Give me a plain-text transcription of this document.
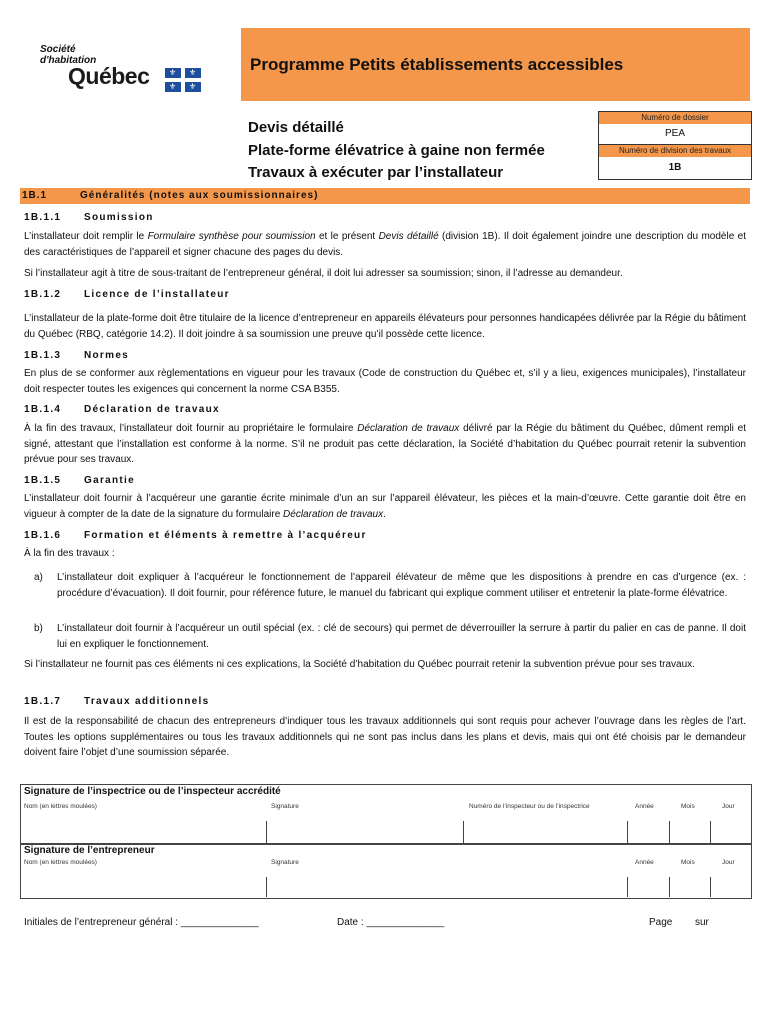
Société
d'habitation
Québec ⚜ ⚜
⚜ ⚜
Programme Petits établissements accessibles
Devis détaillé
Plate-forme élévatrice à gaine non fermée
Travaux à exécuter par l’installateur
Numéro de dossier
PEA
Numéro de division des travaux
1B
1B.1	Généralités (notes aux soumissionnaires)
1B.1.1 Soumission
L’installateur doit remplir le Formulaire synthèse pour soumission et le présent Devis détaillé (division 1B). Il doit également joindre une description du modèle et des caractéristiques de l’appareil et signer chacune des pages du devis.
Si l’installateur agit à titre de sous-traitant de l’entrepreneur général, il doit lui adresser sa soumission; sinon, il l’adresse au demandeur.
1B.1.2 Licence de l’installateur
L’installateur de la plate-forme doit être titulaire de la licence d’entrepreneur en appareils élévateurs pour personnes handicapées délivrée par la Régie du bâtiment du Québec (RBQ, catégorie 14.2). Il doit joindre à sa soumission une preuve qu’il possède cette licence.
1B.1.3 Normes
En plus de se conformer aux règlementations en vigueur pour les travaux (Code de construction du Québec et, s’il y a lieu, exigences municipales), l’installateur doit respecter toutes les exigences qui concernent la norme CSA B355.
1B.1.4 Déclaration de travaux
À la fin des travaux, l’installateur doit fournir au propriétaire le formulaire Déclaration de travaux délivré par la Régie du bâtiment du Québec, dûment rempli et signé, attestant que l’installation est conforme à la norme. S’il ne produit pas cette déclaration, la Société d’habitation du Québec pourrait retenir la subvention prévue pour ses travaux.
1B.1.5 Garantie
L’installateur doit fournir à l’acquéreur une garantie écrite minimale d’un an sur l’appareil élévateur, les pièces et la main-d’œuvre. Cette garantie doit être en vigueur à compter de la date de la signature du formulaire Déclaration de travaux.
1B.1.6 Formation et éléments à remettre à l’acquéreur
À la fin des travaux :
a)	L’installateur doit expliquer à l’acquéreur le fonctionnement de l’appareil élévateur de même que les dispositions à prendre en cas d’urgence (ex. : procédure d’évacuation). Il doit fournir, pour référence future, le manuel du fabricant qui explique comment utiliser et entretenir la plate-forme élévatrice.
b)	L’installateur doit fournir à l’acquéreur un outil spécial (ex. : clé de secours) qui permet de déverrouiller la serrure à partir du palier en cas de panne. Il doit lui en expliquer le fonctionnement.
Si l’installateur ne fournit pas ces éléments ni ces explications, la Société d’habitation du Québec pourrait retenir la subvention prévue pour ses travaux.
1B.1.7 Travaux additionnels
Il est de la responsabilité de chacun des entrepreneurs d’indiquer tous les travaux additionnels qui sont requis pour achever l’ouvrage dans les règles de l’art. Toutes les options supplémentaires ou tous les travaux additionnels qui ne sont pas inclus dans les plans et devis, mais qui ont été choisis par le demandeur doivent faire l’objet d’une soumission séparée.
Signature de l’inspectrice ou de l’inspecteur accrédité
Nom (en lettres moulées)	Signature	Numéro de l’inspecteur ou de l’inspectrice	Année	Mois	Jour
Signature de l’entrepreneur
Nom (en lettres moulées)	Signature	Année	Mois	Jour
Initiales de l’entrepreneur général : ______________	Date : ______________	Page sur
